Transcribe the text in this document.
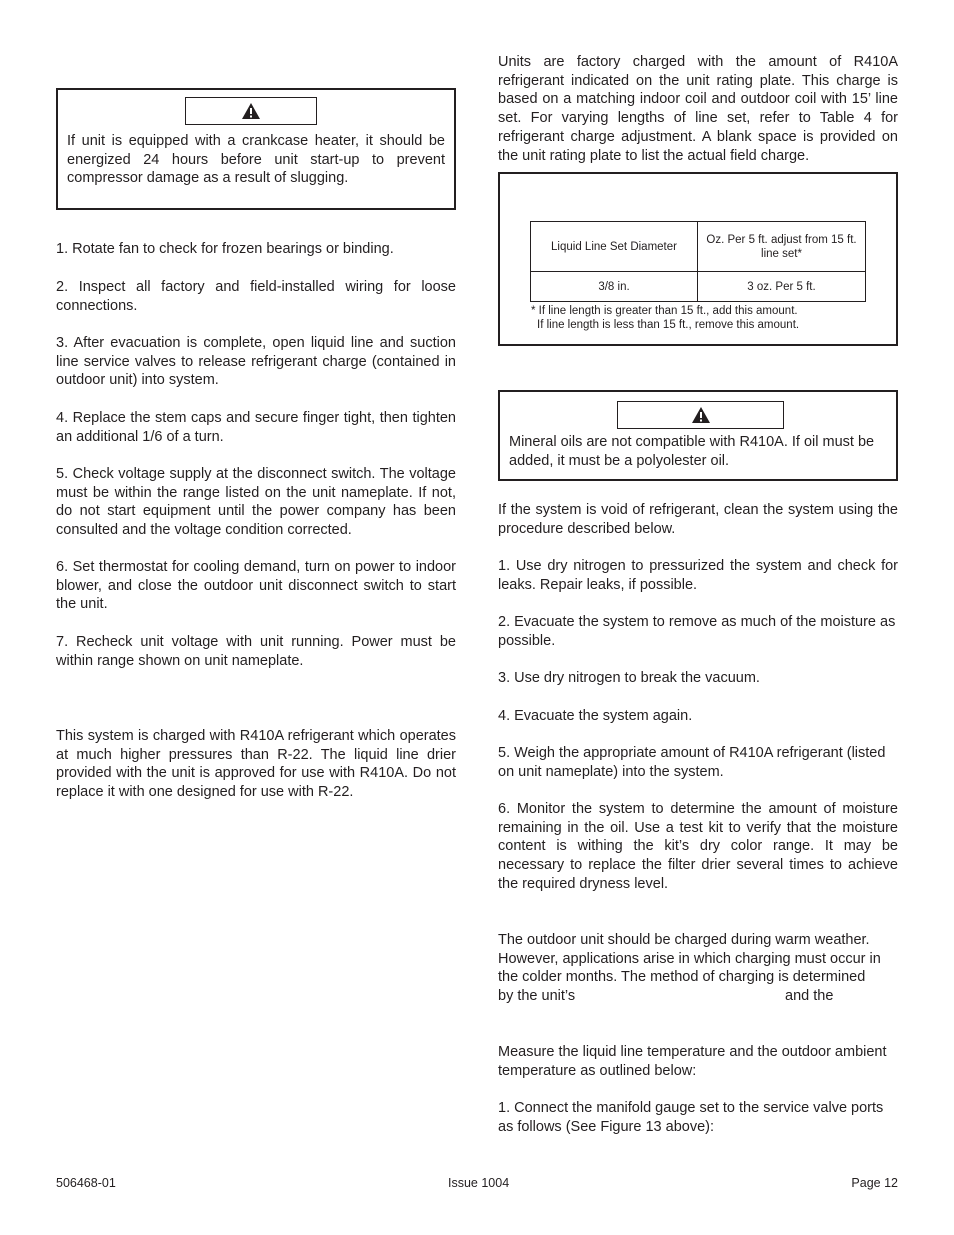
If unit is equipped with a crankcase heater, it should be energized 24 hours before unit start-up to prevent compressor damage as a result of slugging.

1. Rotate fan to check for frozen bearings or binding.

2. Inspect all factory and field-installed wiring for loose connections.

3. After evacuation is complete, open liquid line and suction line service valves to release refrigerant charge (contained in outdoor unit) into system.

4. Replace the stem caps and secure finger tight, then tighten an additional 1/6 of a turn.

5. Check voltage supply at the disconnect switch. The voltage must be within the range listed on the unit nameplate. If not, do not start equipment until the power company has been consulted and the voltage condition corrected.

6. Set thermostat for cooling demand, turn on power to indoor blower, and close the outdoor unit disconnect switch to start the unit.

7. Recheck unit voltage with unit running. Power must be within range shown on unit nameplate.

This system is charged with R410A refrigerant which operates at much higher pressures than R-22. The liquid line drier provided with the unit is approved for use with R410A. Do not replace it with one designed for use with R-22.

Units are factory charged with the amount of R410A refrigerant indicated on the unit rating plate. This charge is based on a matching indoor coil and outdoor coil with 15’ line set. For varying lengths of line set, refer to Table 4 for refrigerant charge adjustment. A blank space is provided on the unit rating plate to list the actual field charge.

Liquid Line Set Diameter	Oz. Per 5 ft. adjust from 15 ft. line set*
3/8 in.	3 oz. Per 5 ft.
* If line length is greater than 15 ft., add this amount.
If line length is less than 15 ft., remove this amount.

Mineral oils are not compatible with R410A. If oil must be added, it must be a polyolester oil.

If the system is void of refrigerant, clean the system using the procedure described below.

1. Use dry nitrogen to pressurized the system and check for leaks. Repair leaks, if possible.

2. Evacuate the system to remove as much of the moisture as possible.

3. Use dry nitrogen to break the vacuum.

4. Evacuate the system again.

5. Weigh the appropriate amount of R410A refrigerant (listed on unit nameplate) into the system.

6. Monitor the system to determine the amount of moisture remaining in the oil. Use a test kit to verify that the moisture content is withing the kit’s dry color range. It may be necessary to replace the filter drier several times to achieve the required dryness level.

The outdoor unit should be charged during warm weather.

However, applications arise in which charging must occur in

the colder months. The method of charging is determined

by the unit’s	and the

Measure the liquid line temperature and the outdoor ambient temperature as outlined below:

1. Connect the manifold gauge set to the service valve ports as follows (See Figure 13 above):

506468-01	Issue 1004	Page 12
